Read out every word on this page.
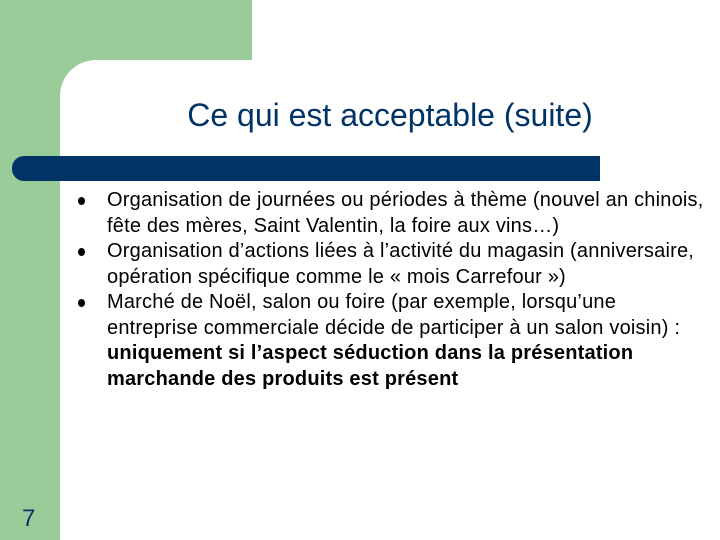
Ce qui est acceptable (suite)
Organisation de journées ou périodes à thème (nouvel an chinois, fête des mères, Saint Valentin, la foire aux vins…)
Organisation d’actions liées à l’activité du magasin (anniversaire, opération spécifique comme le « mois Carrefour »)
Marché de Noël, salon ou foire (par exemple, lorsqu’une entreprise commerciale décide de participer à un salon voisin) : uniquement si l’aspect séduction dans la présentation marchande des produits est présent
7
